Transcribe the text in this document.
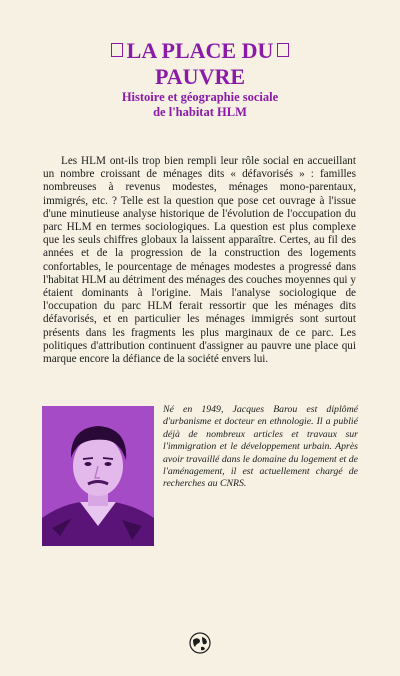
LA PLACE DU
PAUVRE
Histoire et géographie sociale
de l'habitat HLM

Les HLM ont-ils trop bien rempli leur rôle social en accueillant un nombre croissant de ménages dits « défavorisés » : familles nombreuses à revenus modestes, ménages mono-parentaux, immigrés, etc. ? Telle est la question que pose cet ouvrage à l'issue d'une minutieuse analyse historique de l'évolution de l'occupation du parc HLM en termes sociologiques. La question est plus complexe que les seuls chiffres globaux la laissent apparaître. Certes, au fil des années et de la progression de la construction des logements confortables, le pourcentage de ménages modestes a progressé dans l'habitat HLM au détriment des ménages des couches moyennes qui y étaient dominants à l'origine. Mais l'analyse sociologique de l'occupation du parc HLM ferait ressortir que les ménages dits défavorisés, et en particulier les ménages immigrés sont surtout présents dans les fragments les plus marginaux de ce parc. Les politiques d'attribution continuent d'assigner au pauvre une place qui marque encore la défiance de la société envers lui.

Né en 1949, Jacques Barou est diplômé d'urbanisme et docteur en ethnologie. Il a publié déjà de nombreux articles et travaux sur l'immigration et le développement urbain. Après avoir travaillé dans le domaine du logement et de l'aménagement, il est actuellement chargé de recherches au CNRS.
